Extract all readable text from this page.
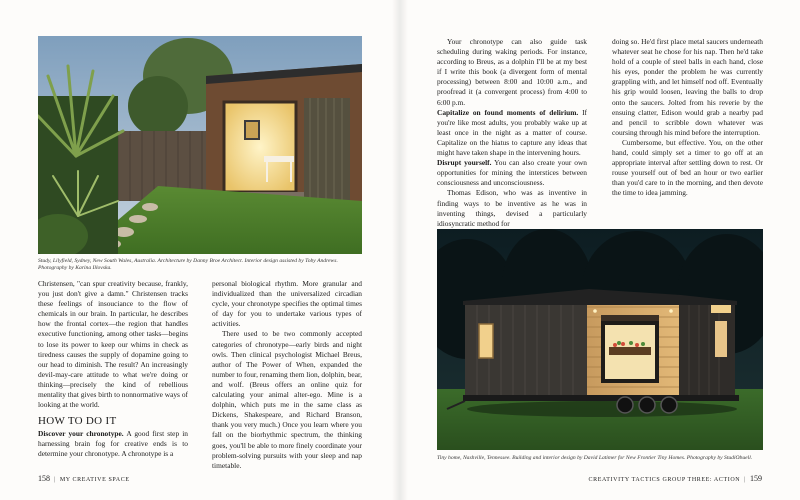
Study, Lilyfield, Sydney, New South Wales, Australia. Architecture by Danny Broe Architect. Interior design assisted by Toby Andrews. Photography by Karina Illovska.

Christensen, "can spur creativity because, frankly, you just don't give a damn." Christensen tracks these feelings of insouciance to the flow of chemicals in our brain. In particular, he describes how the frontal cortex—the region that handles executive functioning, among other tasks—begins to lose its power to keep our whims in check as tiredness causes the supply of dopamine going to our head to diminish. The result? An increasingly devil-may-care attitude to what we're doing or thinking—precisely the kind of rebellious mentality that gives birth to nonnormative ways of looking at the world.

HOW TO DO IT

Discover your chronotype. A good first step in harnessing brain fog for creative ends is to determine your chronotype. A chronotype is a

personal biological rhythm. More granular and individualized than the universalized circadian cycle, your chronotype specifies the optimal times of day for you to undertake various types of activities.

There used to be two commonly accepted categories of chronotype—early birds and night owls. Then clinical psychologist Michael Breus, author of The Power of When, expanded the number to four, renaming them lion, dolphin, bear, and wolf. (Breus offers an online quiz for calculating your animal alter-ego. Mine is a dolphin, which puts me in the same class as Dickens, Shakespeare, and Richard Branson, thank you very much.) Once you learn where you fall on the biorhythmic spectrum, the thinking goes, you'll be able to more finely coordinate your problem-solving pursuits with your sleep and nap timetable.

Your chronotype can also guide task scheduling during waking periods. For instance, according to Breus, as a dolphin I'll be at my best if I write this book (a divergent form of mental processing) between 8:00 and 10:00 a.m., and proofread it (a convergent process) from 4:00 to 6:00 p.m.

Capitalize on found moments of delirium. If you're like most adults, you probably wake up at least once in the night as a matter of course. Capitalize on the hiatus to capture any ideas that might have taken shape in the intervening hours.

Disrupt yourself. You can also create your own opportunities for mining the interstices between consciousness and unconsciousness.

Thomas Edison, who was as inventive in finding ways to be inventive as he was in inventing things, devised a particularly idiosyncratic method for

doing so. He'd first place metal saucers underneath whatever seat he chose for his nap. Then he'd take hold of a couple of steel balls in each hand, close his eyes, ponder the problem he was currently grappling with, and let himself nod off. Eventually his grip would loosen, leaving the balls to drop onto the saucers. Jolted from his reverie by the ensuing clatter, Edison would grab a nearby pad and pencil to scribble down whatever was coursing through his mind before the interruption.

Cumbersome, but effective. You, on the other hand, could simply set a timer to go off at an appropriate interval after settling down to rest. Or rouse yourself out of bed an hour or two earlier than you'd care to in the morning, and then devote the time to idea jamming.

Tiny home, Nashville, Tennessee. Building and interior design by David Latimer for New Frontier Tiny Homes. Photography by StudiObuell.
158 | MY CREATIVE SPACE	CREATIVITY TACTICS GROUP THREE: ACTION | 159
